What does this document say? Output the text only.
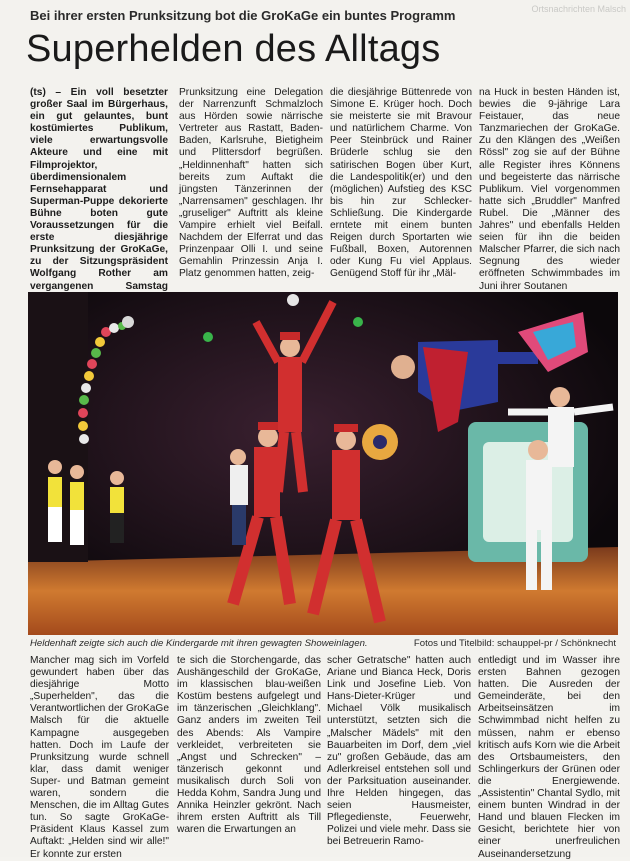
Ortsnachrichten Malsch
Bei ihrer ersten Prunksitzung bot die GroKaGe ein buntes Programm
Superhelden des Alltags

(ts) – Ein voll besetzter großer Saal im Bürgerhaus, ein gut gelauntes, bunt kostümiertes Publikum, viele erwartungsvolle Akteure und eine mit Filmprojektor, überdimensionalem Fernsehapparat und Superman-Puppe dekorierte Bühne boten gute Voraussetzungen für die erste diesjährige Prunksitzung der GroKaGe, zu der Sitzungspräsident Wolfgang Rother am vergangenen Samstag

Prunksitzung eine Delegation der Narrenzunft Schmalzloch aus Hörden sowie närrische Vertreter aus Rastatt, Baden-Baden, Karlsruhe, Bietigheim und Plittersdorf begrüßen. „Heldinnenhaft" hatten sich bereits zum Auftakt die jüngsten Tänzerinnen der „Narrensamen" geschlagen. Ihr „gruseliger" Auftritt als kleine Vampire erhielt viel Beifall. Nachdem der Elferrat und das Prinzenpaar Olli I. und seine Gemahlin Prinzessin Anja I. Platz genommen hatten, zeig-

die diesjährige Büttenrede von Simone E. Krüger hoch. Doch sie meisterte sie mit Bravour und natürlichem Charme. Von Peer Steinbrück und Rainer Brüderle schlug sie den satirischen Bogen über Kurt, die Landespolitik(er) und den (möglichen) Aufstieg des KSC bis hin zur Schlecker-Schließung. Die Kindergarde erntete mit einem bunten Reigen durch Sportarten wie Fußball, Boxen, Autorennen oder Kung Fu viel Applaus. Genügend Stoff für ihr „Mäl-

na Huck in besten Händen ist, bewies die 9-jährige Lara Feistauer, das neue Tanzmariechen der GroKaGe. Zu den Klängen des „Weißen Rössl" zog sie auf der Bühne alle Register ihres Könnens und begeisterte das närrische Publikum. Viel vorgenommen hatte sich „Bruddler" Manfred Rubel. Die „Männer des Jahres" und ebenfalls Helden seien für ihn die beiden Malscher Pfarrer, die sich nach Segnung des wieder eröffneten Schwimmbades im Juni ihrer Soutanen

Heldenhaft zeigte sich auch die Kindergarde mit ihren gewagten Showeinlagen.	Fotos und Titelbild: schauppel-pr / Schönknecht

Mancher mag sich im Vorfeld gewundert haben über das diesjährige Motto „Superhelden", das die Verantwortlichen der GroKaGe Malsch für die aktuelle Kampagne ausgegeben hatten. Doch im Laufe der Prunksitzung wurde schnell klar, dass damit weniger Super- und Batman gemeint waren, sondern die Menschen, die im Alltag Gutes tun. So sagte GroKaGe-Präsident Klaus Kassel zum Auftakt: „Helden sind wir alle!" Er konnte zur ersten

te sich die Storchengarde, das Aushängeschild der GroKaGe, im klassischen blau-weißen Kostüm bestens aufgelegt und im tänzerischen „Gleichklang". Ganz anders im zweiten Teil des Abends: Als Vampire verkleidet, verbreiteten sie „Angst und Schrecken" – tänzerisch gekonnt und musikalisch durch Soli von Hedda Kohm, Sandra Jung und Annika Heinzler gekrönt. Nach ihrem ersten Auftritt als Till waren die Erwartungen an

scher Getratsche" hatten auch Ariane und Bianca Heck, Doris Link und Josefine Lieb. Von Hans-Dieter-Krüger und Michael Völk musikalisch unterstützt, setzten sich die „Malscher Mädels" mit den Bauarbeiten im Dorf, dem „viel zu" großen Gebäude, das am Adlerkreisel entstehen soll und der Parksituation auseinander. Ihre Helden hingegen, das seien Hausmeister, Pflegedienste, Feuerwehr, Polizei und viele mehr. Dass sie bei Betreuerin Ramo-

entledigt und im Wasser ihre ersten Bahnen gezogen hatten. Die Ausreden der Gemeinderäte, bei den Arbeitseinsätzen im Schwimmbad nicht helfen zu müssen, nahm er ebenso kritisch aufs Korn wie die Arbeit des Ortsbaumeisters, den Schlingerkurs der Grünen oder die Energiewende. „Assistentin" Chantal Sydlo, mit einem bunten Windrad in der Hand und blauen Flecken im Gesicht, berichtete hier von einer unerfreulichen Auseinandersetzung
